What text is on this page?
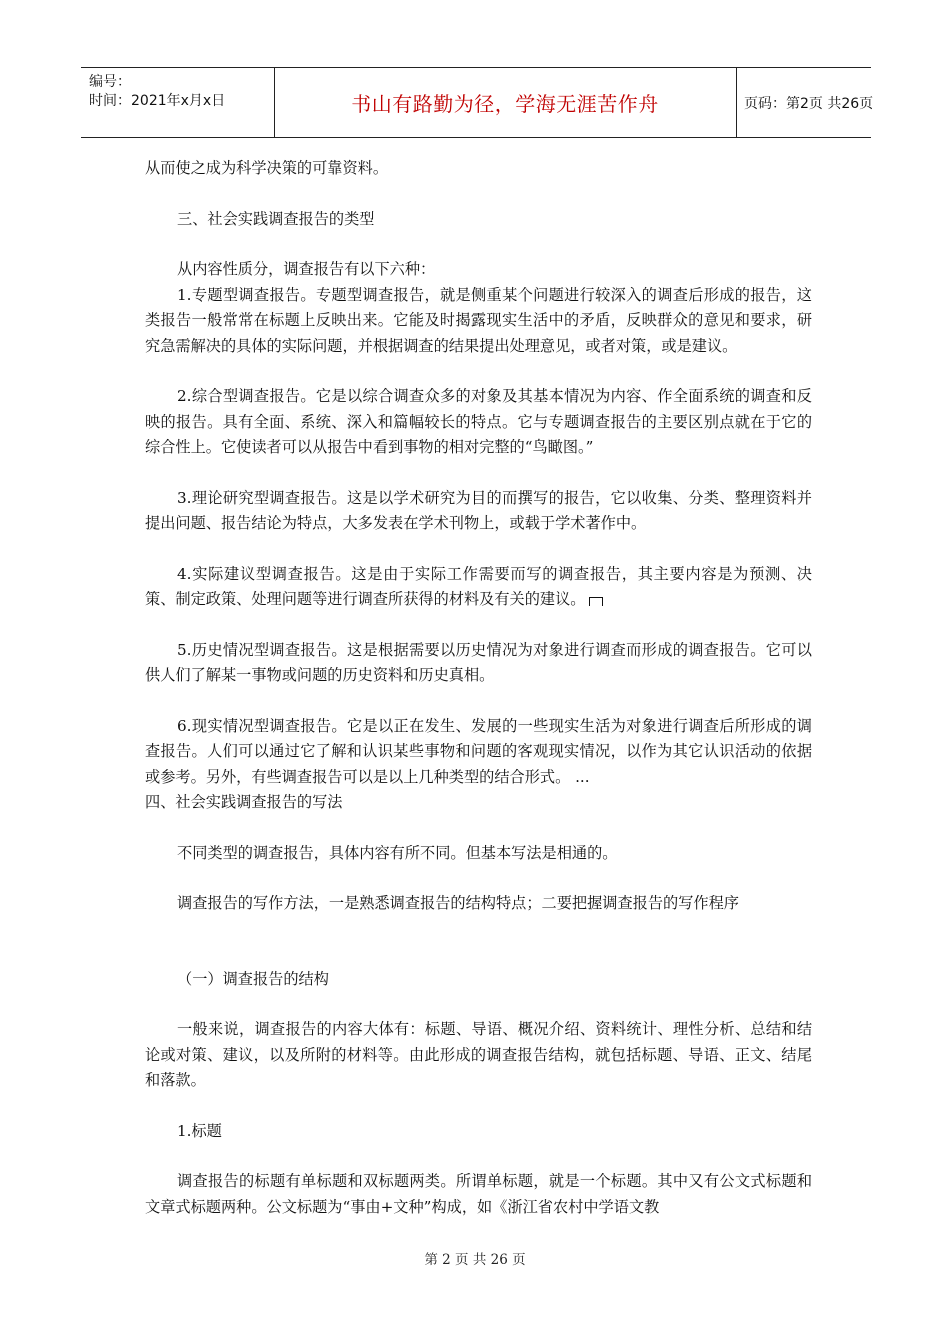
编号：
时间：2021年x月x日	书山有路勤为径，学海无涯苦作舟	页码：第2页 共26页

从而使之成为科学决策的可靠资料。

三、社会实践调查报告的类型

从内容性质分，调查报告有以下六种：

1.专题型调查报告。专题型调查报告，就是侧重某个问题进行较深入的调查后形成的报告，这类报告一般常常在标题上反映出来。它能及时揭露现实生活中的矛盾，反映群众的意见和要求，研究急需解决的具体的实际问题，并根据调查的结果提出处理意见，或者对策，或是建议。

2.综合型调查报告。它是以综合调查众多的对象及其基本情况为内容、作全面系统的调查和反映的报告。具有全面、系统、深入和篇幅较长的特点。它与专题调查报告的主要区别点就在于它的综合性上。它使读者可以从报告中看到事物的相对完整的“鸟瞰图。”

3.理论研究型调查报告。这是以学术研究为目的而撰写的报告，它以收集、分类、整理资料并提出问题、报告结论为特点，大多发表在学术刊物上，或载于学术著作中。

4.实际建议型调查报告。这是由于实际工作需要而写的调查报告，其主要内容是为预测、决策、制定政策、处理问题等进行调查所获得的材料及有关的建议。

5.历史情况型调查报告。这是根据需要以历史情况为对象进行调查而形成的调查报告。它可以供人们了解某一事物或问题的历史资料和历史真相。

6.现实情况型调查报告。它是以正在发生、发展的一些现实生活为对象进行调查后所形成的调查报告。人们可以通过它了解和认识某些事物和问题的客观现实情况，以作为其它认识活动的依据或参考。另外，有些调查报告可以是以上几种类型的结合形式。 ...

四、社会实践调查报告的写法

不同类型的调查报告，具体内容有所不同。但基本写法是相通的。

调查报告的写作方法，一是熟悉调查报告的结构特点；二要把握调查报告的写作程序

（一）调查报告的结构

一般来说，调查报告的内容大体有：标题、导语、概况介绍、资料统计、理性分析、总结和结论或对策、建议，以及所附的材料等。由此形成的调查报告结构，就包括标题、导语、正文、结尾和落款。

1.标题

调查报告的标题有单标题和双标题两类。所谓单标题，就是一个标题。其中又有公文式标题和文章式标题两种。公文标题为“事由+文种”构成，如《浙江省农村中学语文教

第 2 页 共 26 页
